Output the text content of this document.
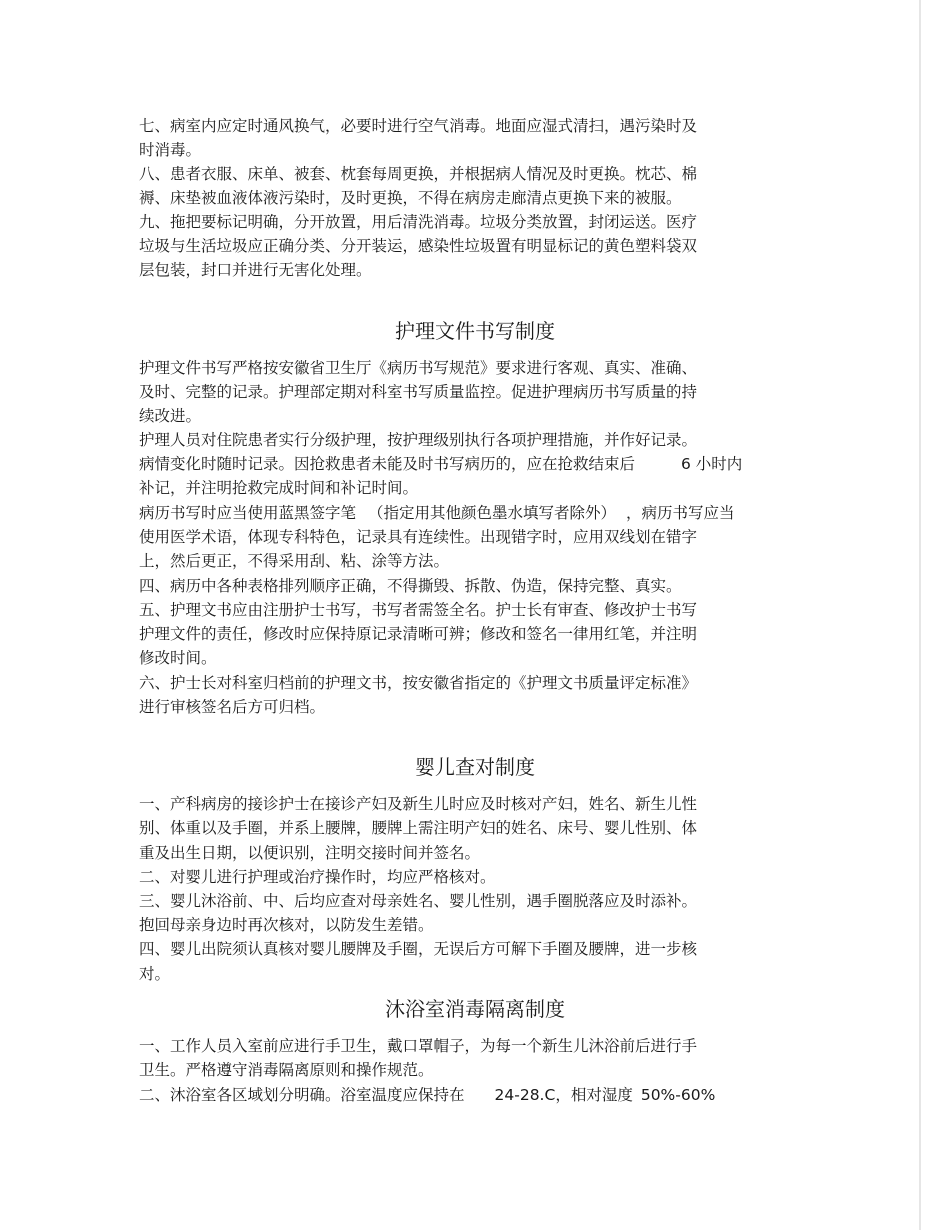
七、病室内应定时通风换气，必要时进行空气消毒。地面应湿式清扫，遇污染时及
时消毒。
八、患者衣服、床单、被套、枕套每周更换，并根据病人情况及时更换。枕芯、棉
褥、床垫被血液体液污染时，及时更换，不得在病房走廊清点更换下来的被服。
九、拖把要标记明确，分开放置，用后清洗消毒。垃圾分类放置，封闭运送。医疗
垃圾与生活垃圾应正确分类、分开装运，感染性垃圾置有明显标记的黄色塑料袋双
层包装，封口并进行无害化处理。
护理文件书写制度
护理文件书写严格按安徽省卫生厅《病历书写规范》要求进行客观、真实、准确、
及时、完整的记录。护理部定期对科室书写质量监控。促进护理病历书写质量的持
续改进。
护理人员对住院患者实行分级护理，按护理级别执行各项护理措施，并作好记录。
病情变化时随时记录。因抢救患者未能及时书写病历的，应在抢救结束后	6 小时内
补记，并注明抢救完成时间和补记时间。
病历书写时应当使用蓝黑签字笔 （指定用其他颜色墨水填写者除外） ，病历书写应当
使用医学术语，体现专科特色，记录具有连续性。出现错字时，应用双线划在错字
上，然后更正，不得采用刮、粘、涂等方法。
四、病历中各种表格排列顺序正确，不得撕毁、拆散、伪造，保持完整、真实。
五、护理文书应由注册护士书写，书写者需签全名。护士长有审查、修改护士书写
护理文件的责任，修改时应保持原记录清晰可辨；修改和签名一律用红笔，并注明
修改时间。
六、护士长对科室归档前的护理文书，按安徽省指定的《护理文书质量评定标准》
进行审核签名后方可归档。
婴儿查对制度
一、产科病房的接诊护士在接诊产妇及新生儿时应及时核对产妇，姓名、新生儿性
别、体重以及手圈，并系上腰牌，腰牌上需注明产妇的姓名、床号、婴儿性别、体
重及出生日期，以便识别，注明交接时间并签名。
二、对婴儿进行护理或治疗操作时，均应严格核对。
三、婴儿沐浴前、中、后均应查对母亲姓名、婴儿性别，遇手圈脱落应及时添补。
抱回母亲身边时再次核对，以防发生差错。
四、婴儿出院须认真核对婴儿腰牌及手圈，无误后方可解下手圈及腰牌，进一步核
对。
沐浴室消毒隔离制度
一、工作人员入室前应进行手卫生，戴口罩帽子，为每一个新生儿沐浴前后进行手
卫生。严格遵守消毒隔离原则和操作规范。
二、沐浴室各区域划分明确。浴室温度应保持在 24-28.C，相对湿度 50%-60%
